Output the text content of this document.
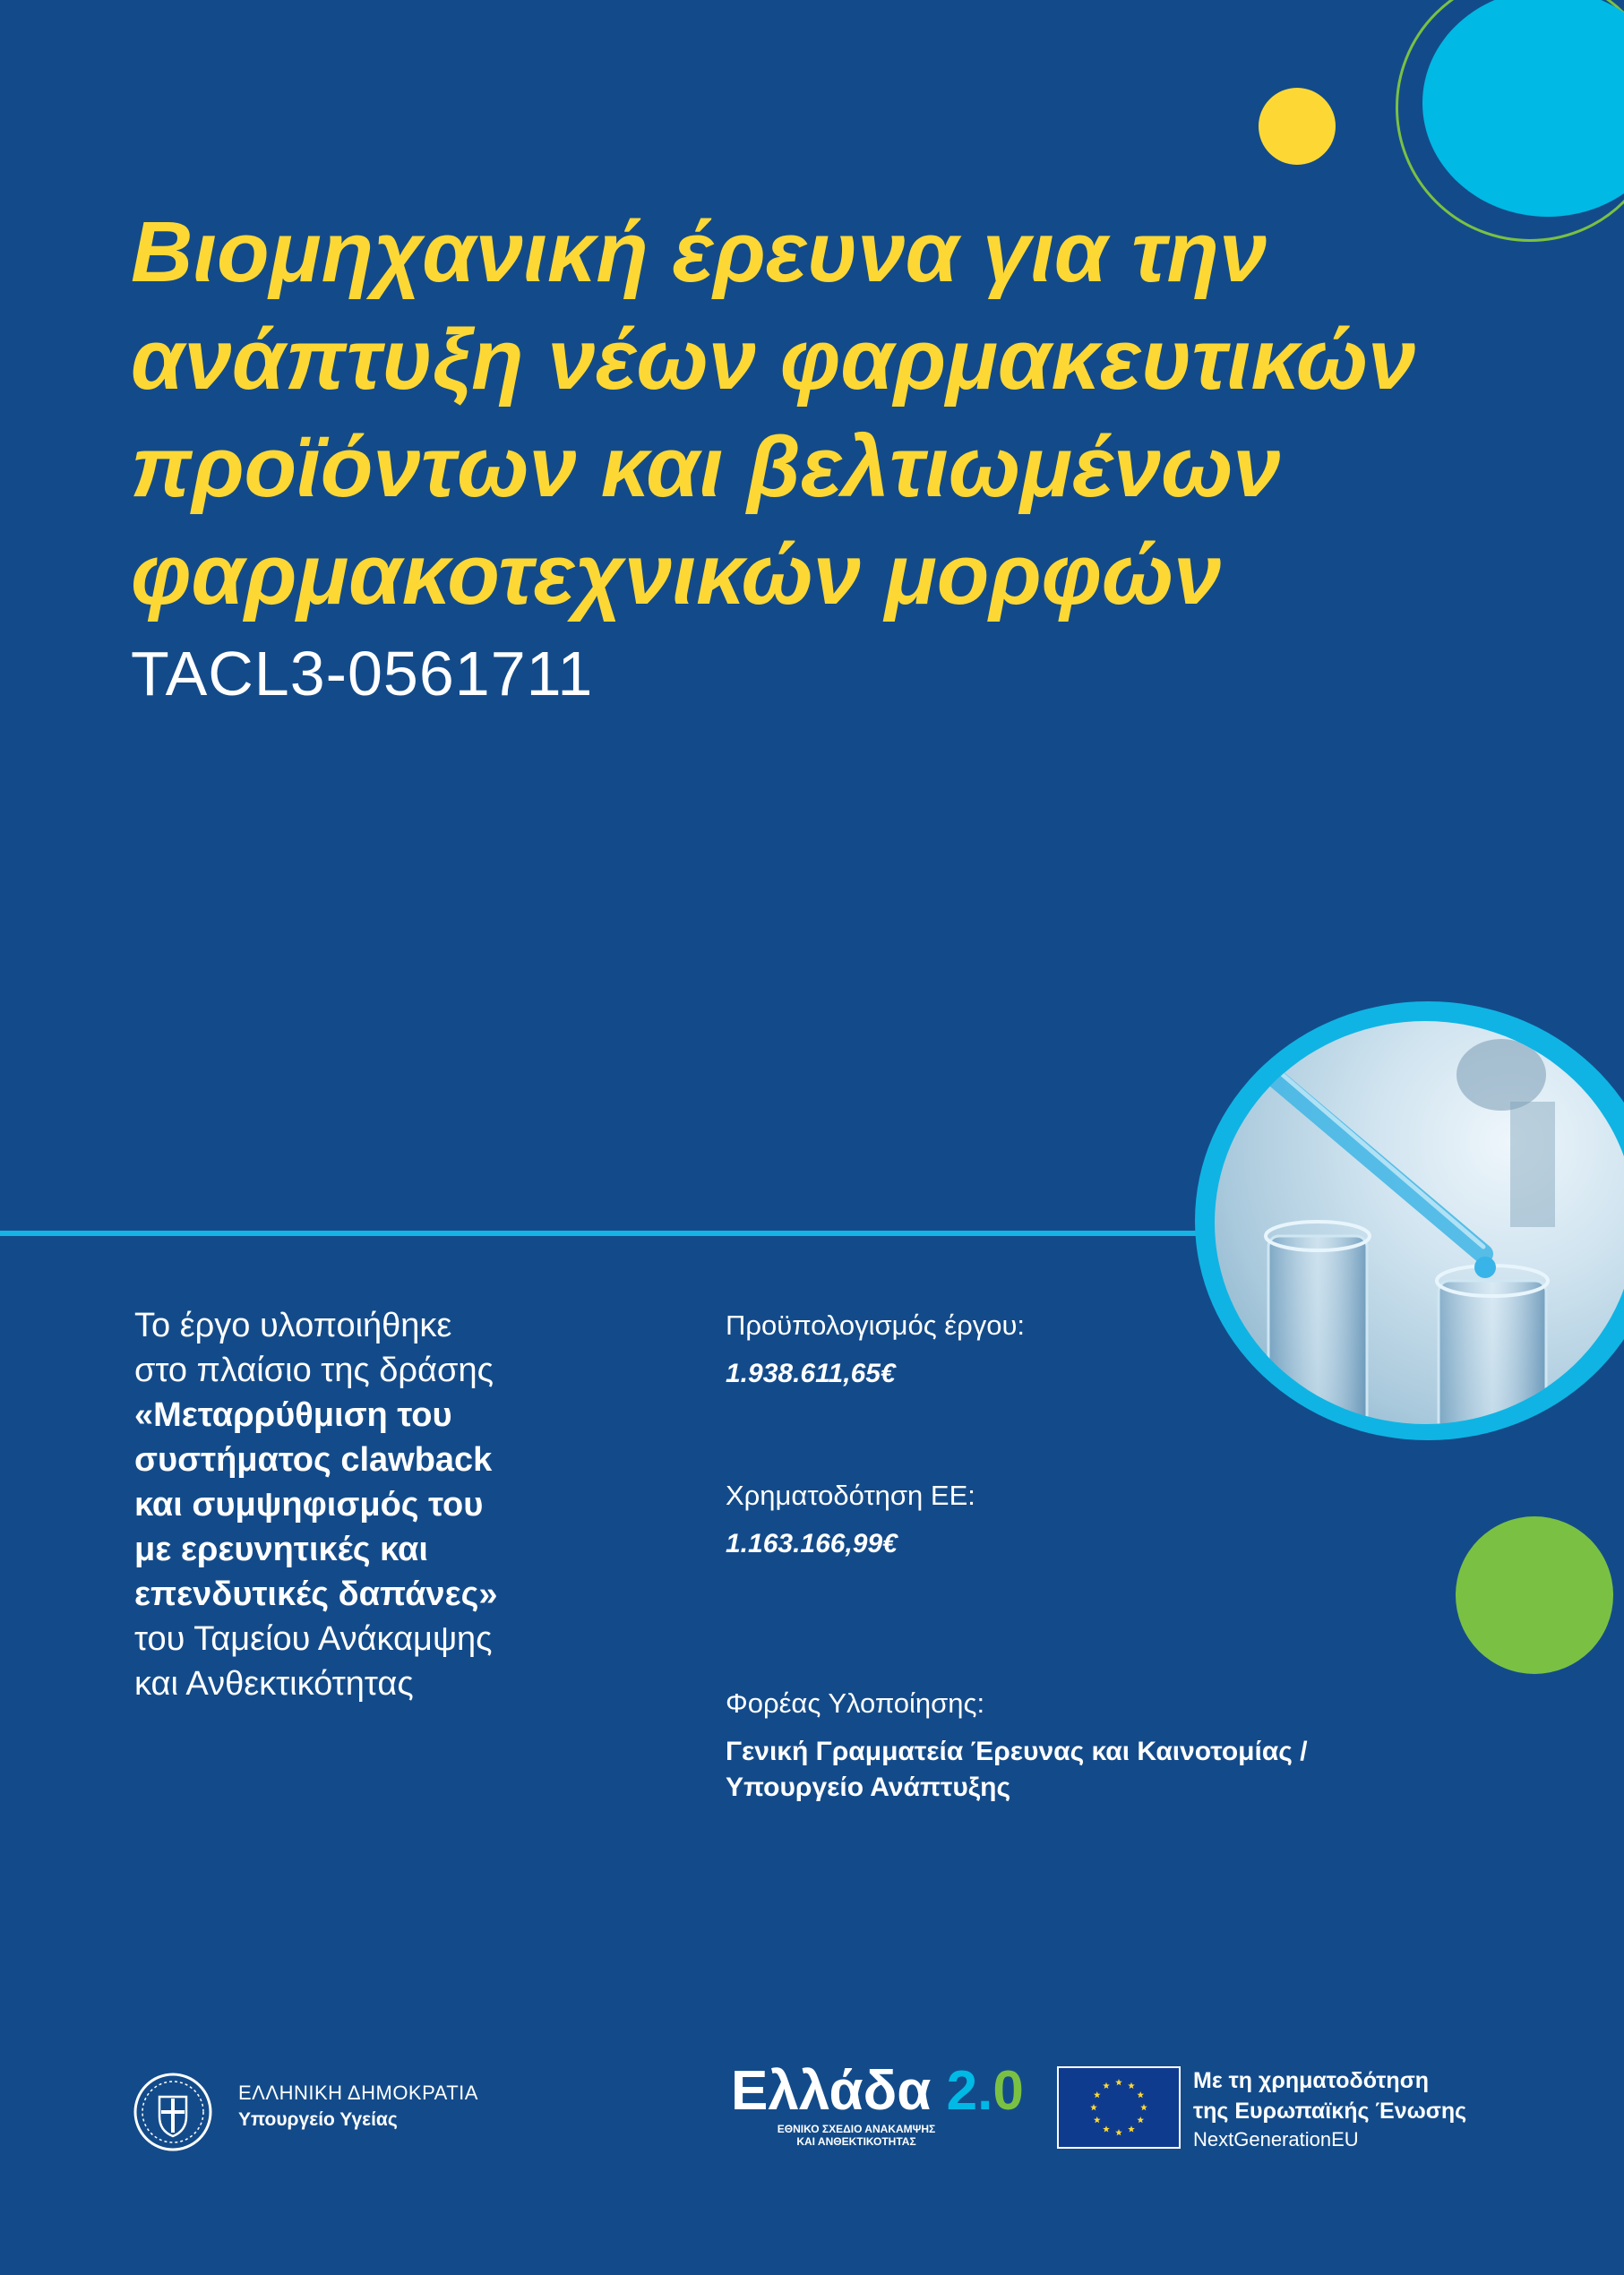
Βιομηχανική έρευνα για την
ανάπτυξη νέων φαρμακευτικών
προϊόντων και βελτιωμένων
φαρμακοτεχνικών μορφών
TACL3-0561711
Το έργο υλοποιήθηκε
στο πλαίσιο της δράσης
«Μεταρρύθμιση του
συστήματος clawback
και συμψηφισμός του
με ερευνητικές και
επενδυτικές δαπάνες»
του Ταμείου Ανάκαμψης
και Ανθεκτικότητας
Προϋπολογισμός έργου:
1.938.611,65€
Χρηματοδότηση ΕΕ:
1.163.166,99€
Φορέας Υλοποίησης:
Γενική Γραμματεία Έρευνας και Καινοτομίας /
Υπουργείο Ανάπτυξης
ΕΛΛΗΝΙΚΗ ΔΗΜΟΚΡΑΤΙΑ
Υπουργείο Υγείας	Ελλάδα 2.0
ΕΘΝΙΚΟ ΣΧΕΔΙΟ ΑΝΑΚΑΜΨΗΣ
ΚΑΙ ΑΝΘΕΚΤΙΚΟΤΗΤΑΣ
Με τη χρηματοδότηση
της Ευρωπαϊκής Ένωσης
NextGenerationEU
